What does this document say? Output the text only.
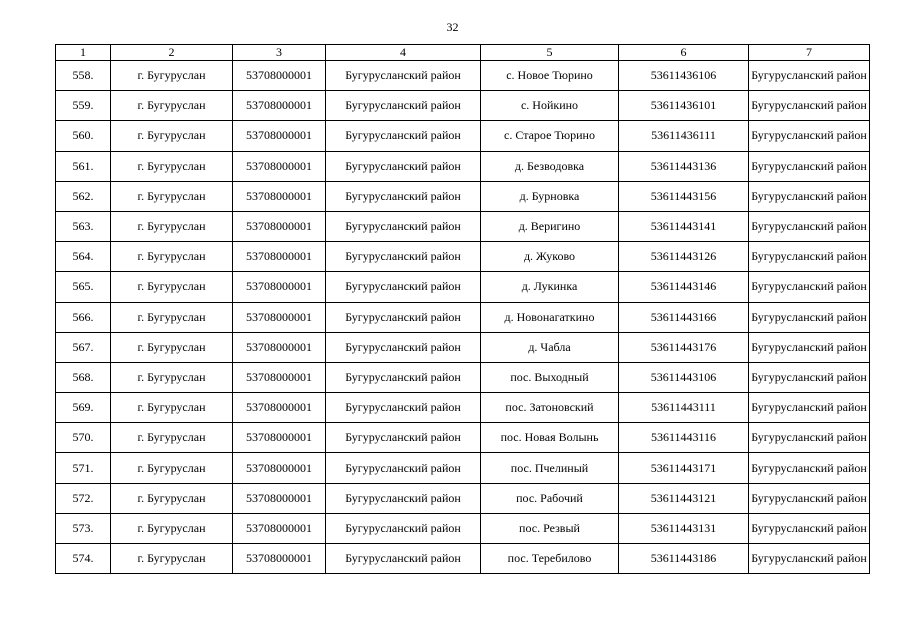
32
1	2	3	4	5	6	7
558.	г. Бугуруслан	53708000001	Бугурусланский район	с. Новое Тюрино	53611436106	Бугурусланский район
559.	г. Бугуруслан	53708000001	Бугурусланский район	с. Нойкино	53611436101	Бугурусланский район
560.	г. Бугуруслан	53708000001	Бугурусланский район	с. Старое Тюрино	53611436111	Бугурусланский район
561.	г. Бугуруслан	53708000001	Бугурусланский район	д. Безводовка	53611443136	Бугурусланский район
562.	г. Бугуруслан	53708000001	Бугурусланский район	д. Бурновка	53611443156	Бугурусланский район
563.	г. Бугуруслан	53708000001	Бугурусланский район	д. Веригино	53611443141	Бугурусланский район
564.	г. Бугуруслан	53708000001	Бугурусланский район	д. Жуково	53611443126	Бугурусланский район
565.	г. Бугуруслан	53708000001	Бугурусланский район	д. Лукинка	53611443146	Бугурусланский район
566.	г. Бугуруслан	53708000001	Бугурусланский район	д. Новонагаткино	53611443166	Бугурусланский район
567.	г. Бугуруслан	53708000001	Бугурусланский район	д. Чабла	53611443176	Бугурусланский район
568.	г. Бугуруслан	53708000001	Бугурусланский район	пос. Выходный	53611443106	Бугурусланский район
569.	г. Бугуруслан	53708000001	Бугурусланский район	пос. Затоновский	53611443111	Бугурусланский район
570.	г. Бугуруслан	53708000001	Бугурусланский район	пос. Новая Волынь	53611443116	Бугурусланский район
571.	г. Бугуруслан	53708000001	Бугурусланский район	пос. Пчелиный	53611443171	Бугурусланский район
572.	г. Бугуруслан	53708000001	Бугурусланский район	пос. Рабочий	53611443121	Бугурусланский район
573.	г. Бугуруслан	53708000001	Бугурусланский район	пос. Резвый	53611443131	Бугурусланский район
574.	г. Бугуруслан	53708000001	Бугурусланский район	пос. Теребилово	53611443186	Бугурусланский район
